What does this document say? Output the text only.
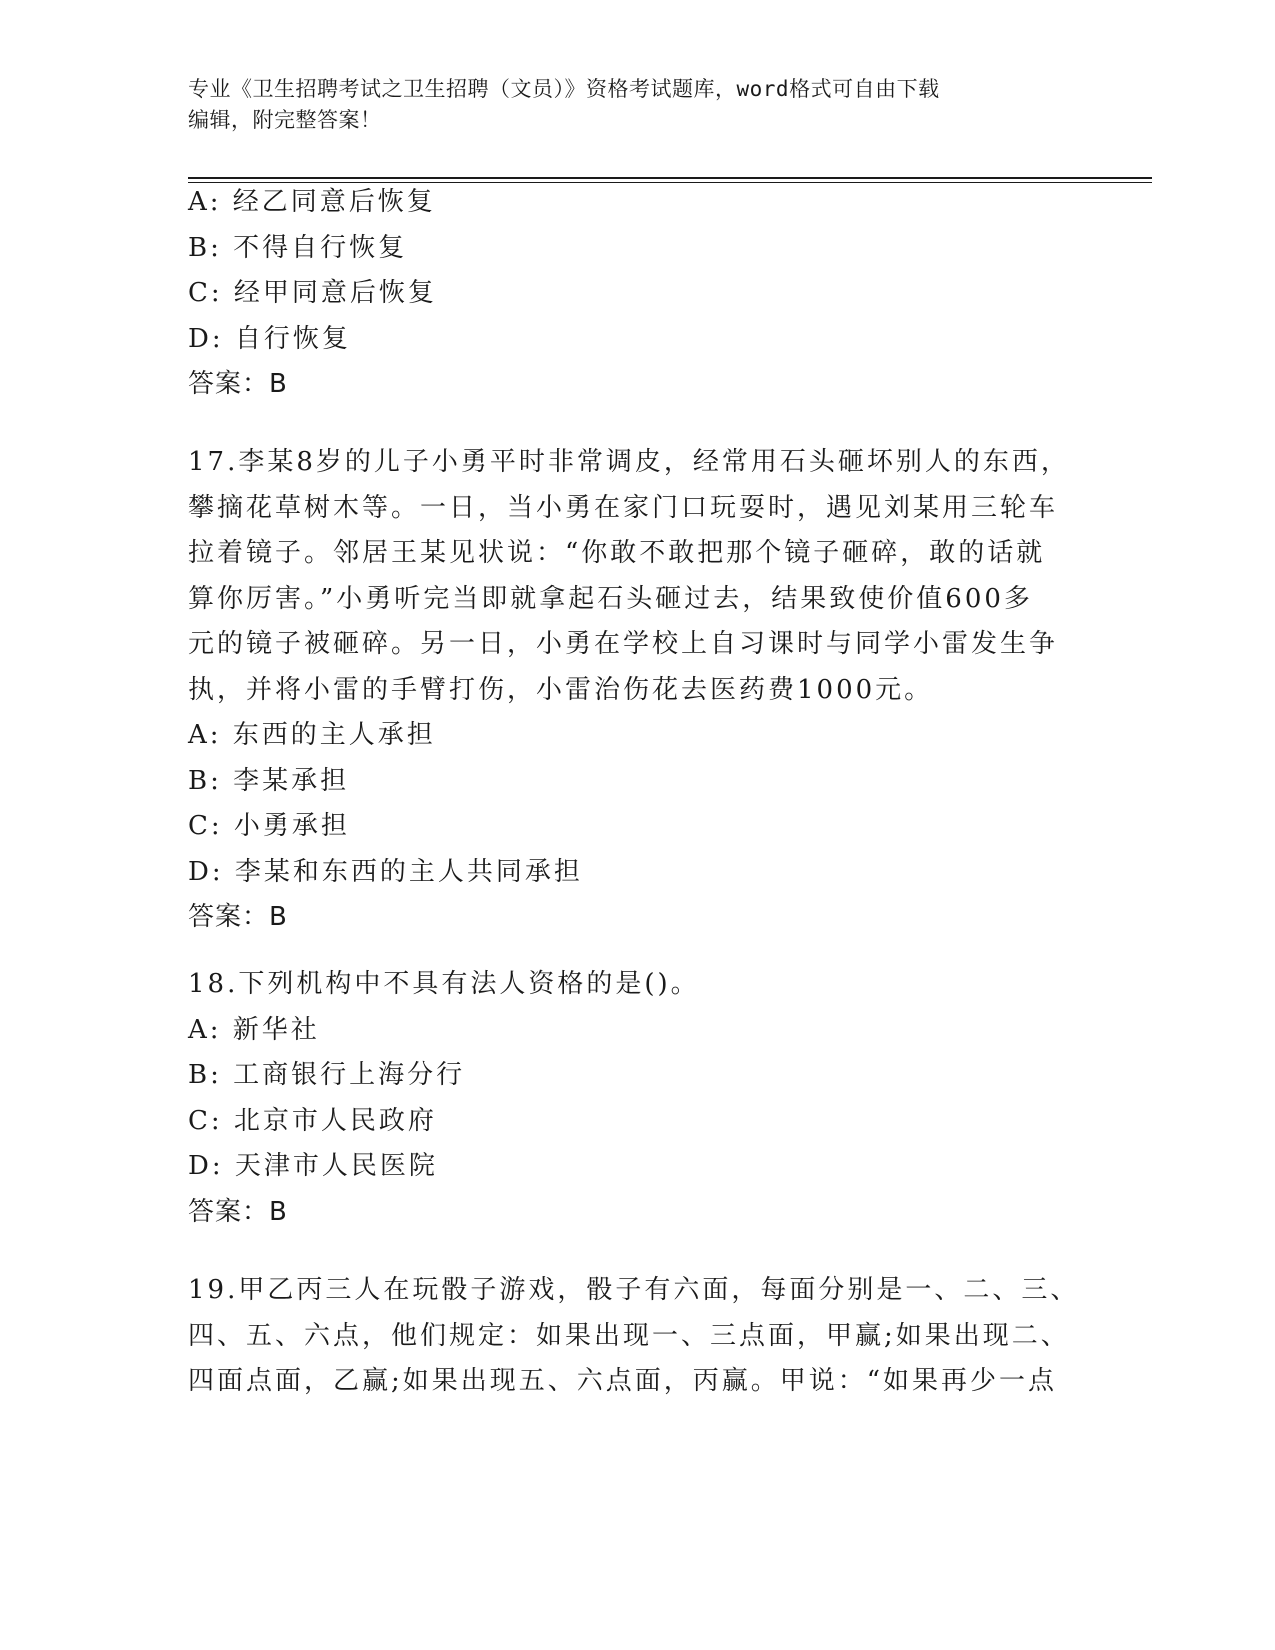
专业《卫生招聘考试之卫生招聘（文员）》资格考试题库，word格式可自由下载
编辑，附完整答案！
A: 经乙同意后恢复
B: 不得自行恢复
C: 经甲同意后恢复
D: 自行恢复
答案：B
17.李某8岁的儿子小勇平时非常调皮，经常用石头砸坏别人的东西，
攀摘花草树木等。一日，当小勇在家门口玩耍时，遇见刘某用三轮车
拉着镜子。邻居王某见状说：“你敢不敢把那个镜子砸碎，敢的话就
算你厉害。”小勇听完当即就拿起石头砸过去，结果致使价值600多
元的镜子被砸碎。另一日，小勇在学校上自习课时与同学小雷发生争
执，并将小雷的手臂打伤，小雷治伤花去医药费1000元。
A: 东西的主人承担
B: 李某承担
C: 小勇承担
D: 李某和东西的主人共同承担
答案：B
18.下列机构中不具有法人资格的是()。
A: 新华社
B: 工商银行上海分行
C: 北京市人民政府
D: 天津市人民医院
答案：B
19.甲乙丙三人在玩骰子游戏，骰子有六面，每面分别是一、二、三、
四、五、六点，他们规定：如果出现一、三点面，甲赢;如果出现二、
四面点面，乙赢;如果出现五、六点面，丙赢。甲说：“如果再少一点
